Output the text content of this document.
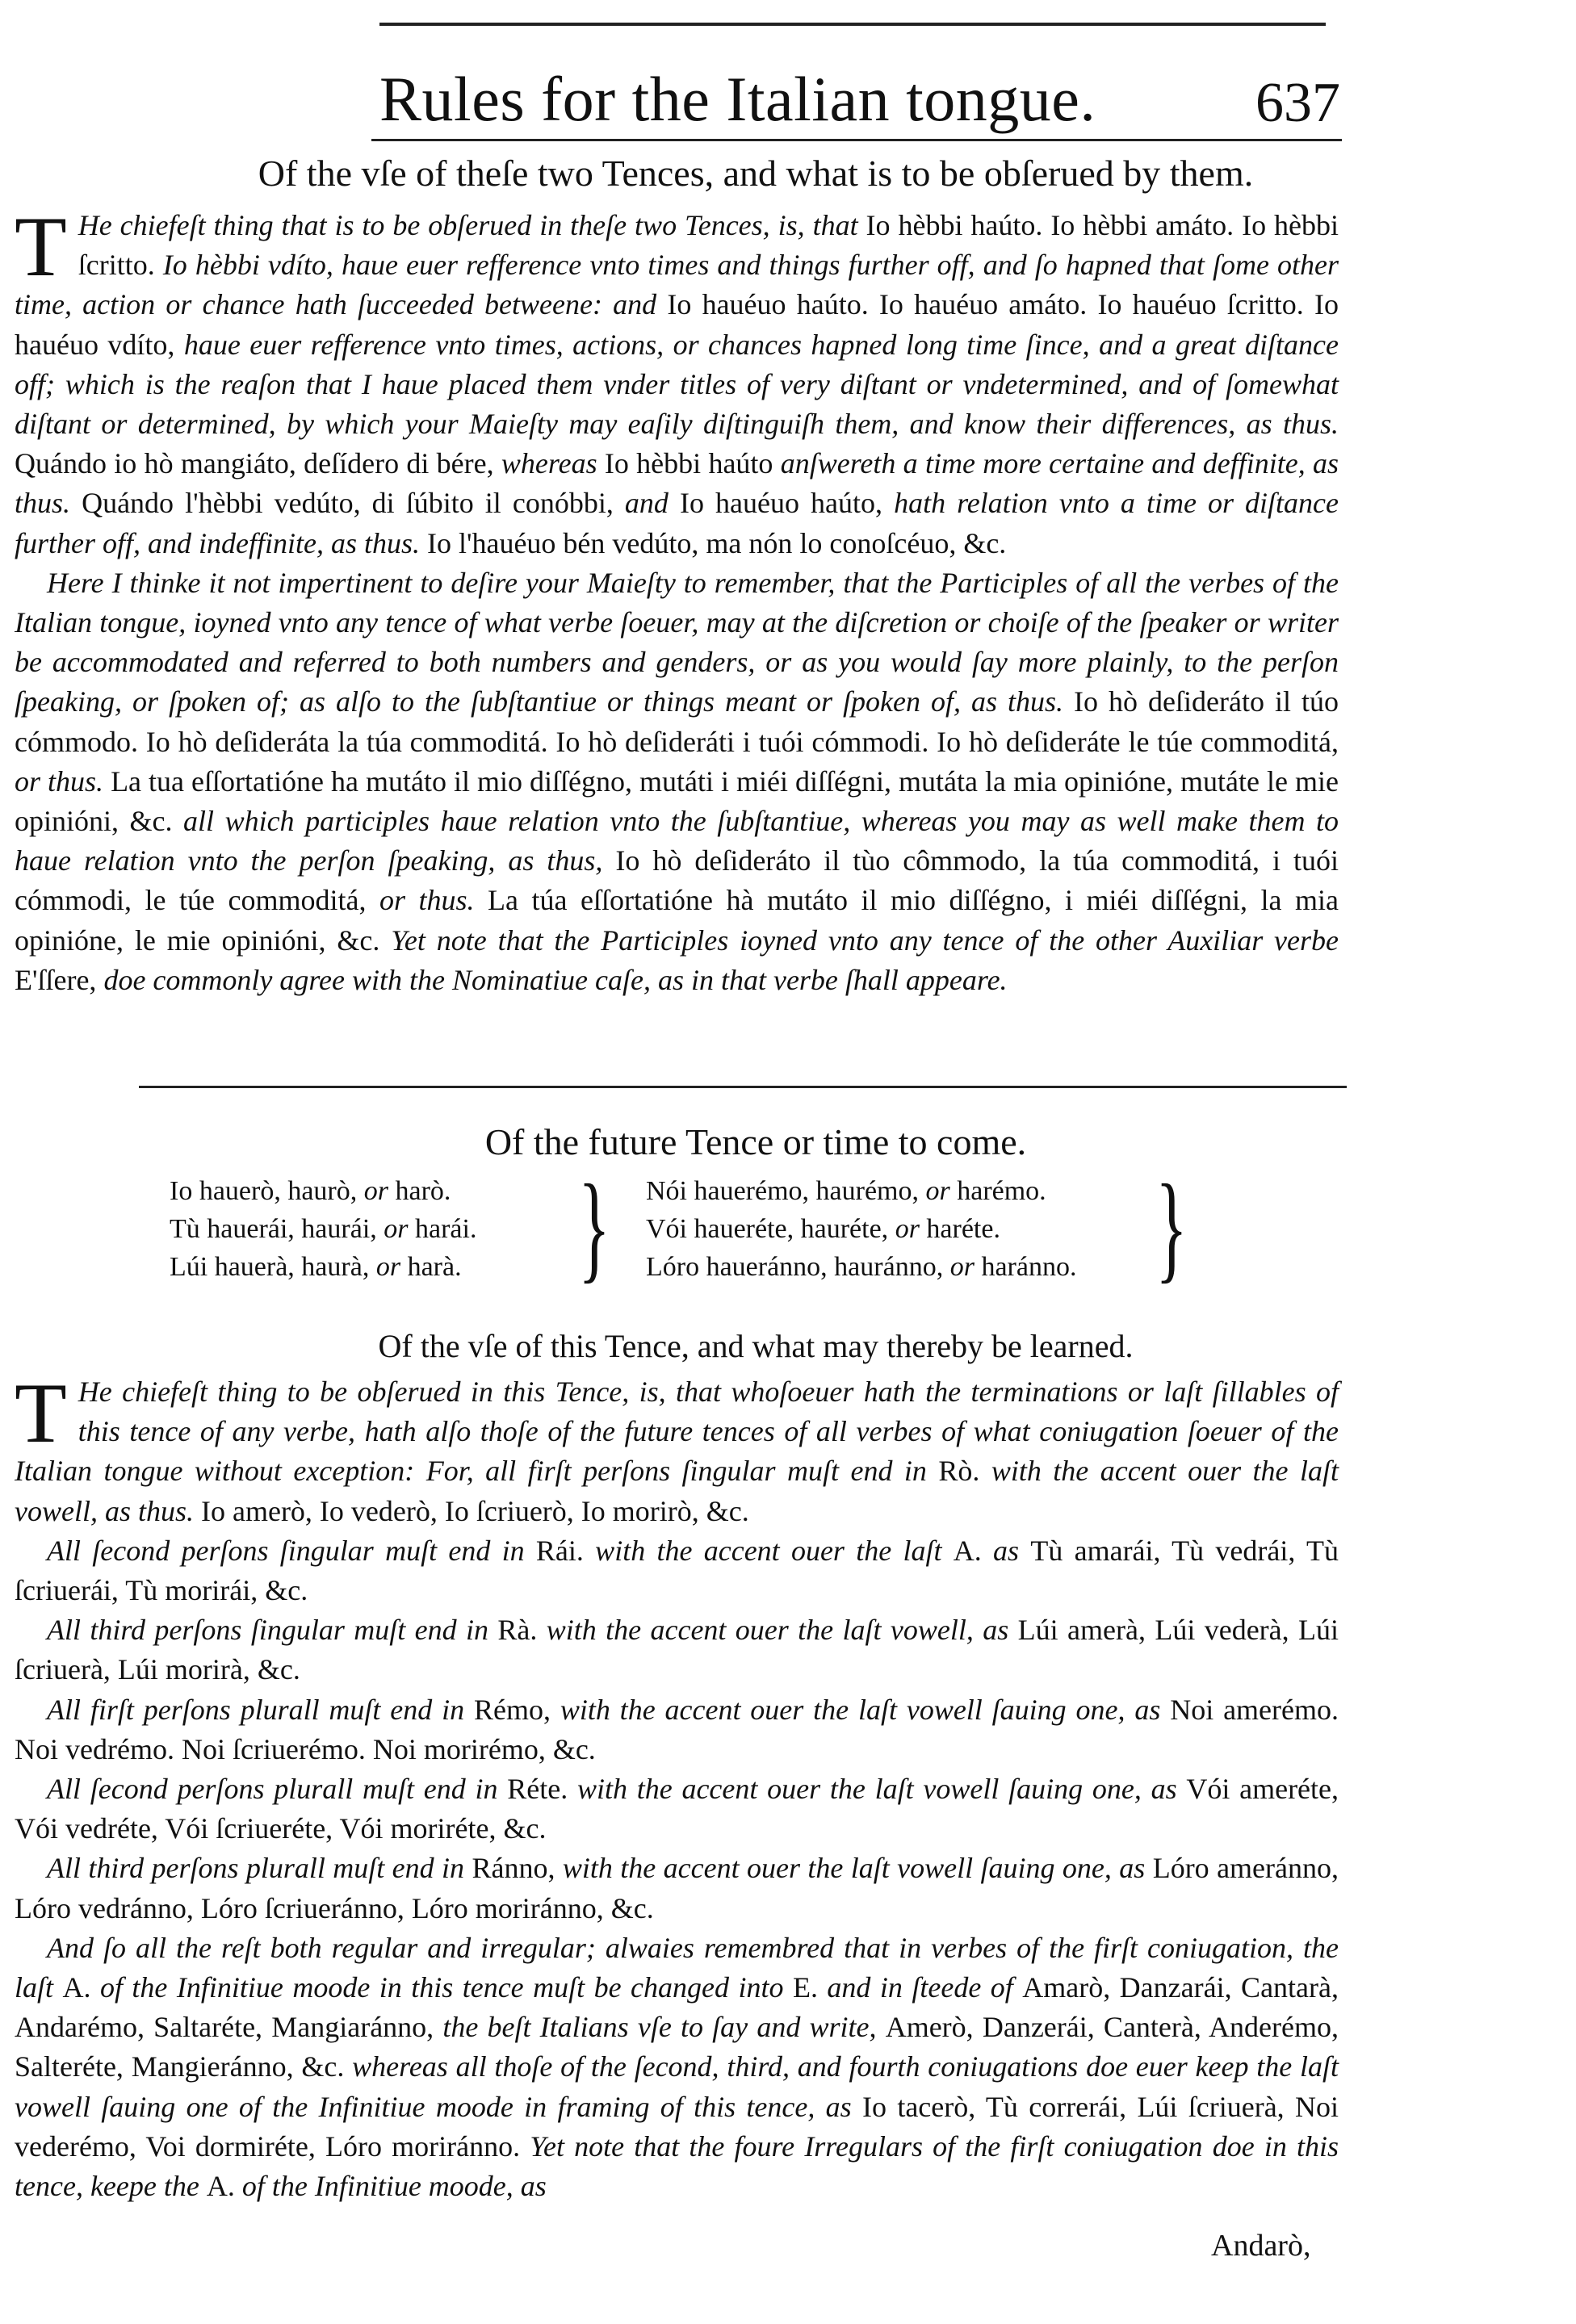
Rules for the Italian tongue.	637
Of the vſe of theſe two Tences, and what is to be obſerued by them.

T He chiefeſt thing that is to be obſerued in theſe two Tences, is, that Io hèbbi haúto. Io hèbbi amáto. Io hèbbi ſcritto. Io hèbbi vdíto, haue euer refference vnto times and things further off, and ſo hapned that ſome other time, action or chance hath ſucceeded betweene: and Io hauéuo haúto. Io hauéuo amáto. Io hauéuo ſcritto. Io hauéuo vdíto, haue euer refference vnto times, actions, or chances hapned long time ſince, and a great diſtance off; which is the reaſon that I haue placed them vnder titles of very diſtant or vndetermined, and of ſomewhat diſtant or determined, by which your Maieſty may eaſily diſtinguiſh them, and know their differences, as thus. Quándo io hò mangiáto, deſídero di bére, whereas Io hèbbi haúto anſwereth a time more certaine and deffinite, as thus. Quándo l'hèbbi vedúto, di ſúbito il conóbbi, and Io hauéuo haúto, hath relation vnto a time or diſtance further off, and indeffinite, as thus. Io l'hauéuo bén vedúto, ma nón lo conoſcéuo, &c.

Here I thinke it not impertinent to deſire your Maieſty to remember, that the Participles of all the verbes of the Italian tongue, ioyned vnto any tence of what verbe ſoeuer, may at the diſcretion or choiſe of the ſpeaker or writer be accommodated and referred to both numbers and genders, or as you would ſay more plainly, to the perſon ſpeaking, or ſpoken of; as alſo to the ſubſtantiue or things meant or ſpoken of, as thus. Io hò deſideráto il túo cómmodo. Io hò deſideráta la túa commoditá. Io hò deſideráti i tuói cómmodi. Io hò deſideráte le túe commoditá, or thus. La tua eſſortatióne ha mutáto il mio diſſégno, mutáti i miéi diſſégni, mutáta la mia opinióne, mutáte le mie opinióni, &c. all which participles haue relation vnto the ſubſtantiue, whereas you may as well make them to haue relation vnto the perſon ſpeaking, as thus, Io hò deſideráto il tùo cômmodo, la túa commoditá, i tuói cómmodi, le túe commoditá, or thus. La túa eſſortatióne hà mutáto il mio diſſégno, i miéi diſſégni, la mia opinióne, le mie opinióni, &c. Yet note that the Participles ioyned vnto any tence of the other Auxiliar verbe E'ſſere, doe commonly agree with the Nominatiue caſe, as in that verbe ſhall appeare.

Of the future Tence or time to come.
Io hauerò, haurò, or harò.
Tù hauerái, haurái, or harái.
Lúi hauerà, haurà, or harà. } Nói hauerémo, haurémo, or harémo.
Vói haueréte, hauréte, or haréte.
Lóro haueránno, hauránno, or haránno. }
Of the vſe of this Tence, and what may thereby be learned.

T He chiefeſt thing to be obſerued in this Tence, is, that whoſoeuer hath the terminations or laſt ſillables of this tence of any verbe, hath alſo thoſe of the future tences of all verbes of what coniugation ſoeuer of the Italian tongue without exception: For, all firſt perſons ſingular muſt end in Rò. with the accent ouer the laſt vowell, as thus. Io amerò, Io vederò, Io ſcriuerò, Io morirò, &c.

All ſecond perſons ſingular muſt end in Rái. with the accent ouer the laſt A. as Tù amarái, Tù vedrái, Tù ſcriuerái, Tù morirái, &c.

All third perſons ſingular muſt end in Rà. with the accent ouer the laſt vowell, as Lúi amerà, Lúi vederà, Lúi ſcriuerà, Lúi morirà, &c.

All firſt perſons plurall muſt end in Rémo, with the accent ouer the laſt vowell ſauing one, as Noi amerémo. Noi vedrémo. Noi ſcriuerémo. Noi morirémo, &c.

All ſecond perſons plurall muſt end in Réte. with the accent ouer the laſt vowell ſauing one, as Vói ameréte, Vói vedréte, Vói ſcriueréte, Vói moriréte, &c.

All third perſons plurall muſt end in Ránno, with the accent ouer the laſt vowell ſauing one, as Lóro ameránno, Lóro vedránno, Lóro ſcriueránno, Lóro moriránno, &c.

And ſo all the reſt both regular and irregular; alwaies remembred that in verbes of the firſt coniugation, the laſt A. of the Infinitiue moode in this tence muſt be changed into E. and in ſteede of Amarò, Danzarái, Cantarà, Andarémo, Saltaréte, Mangiaránno, the beſt Italians vſe to ſay and write, Amerò, Danzerái, Canterà, Anderémo, Salteréte, Mangieránno, &c. whereas all thoſe of the ſecond, third, and fourth coniugations doe euer keep the laſt vowell ſauing one of the Infinitiue moode in framing of this tence, as Io tacerò, Tù correrái, Lúi ſcriuerà, Noi vederémo, Voi dormiréte, Lóro moriránno. Yet note that the foure Irregulars of the firſt coniugation doe in this tence, keepe the A. of the Infinitiue moode, as

Andarò,
